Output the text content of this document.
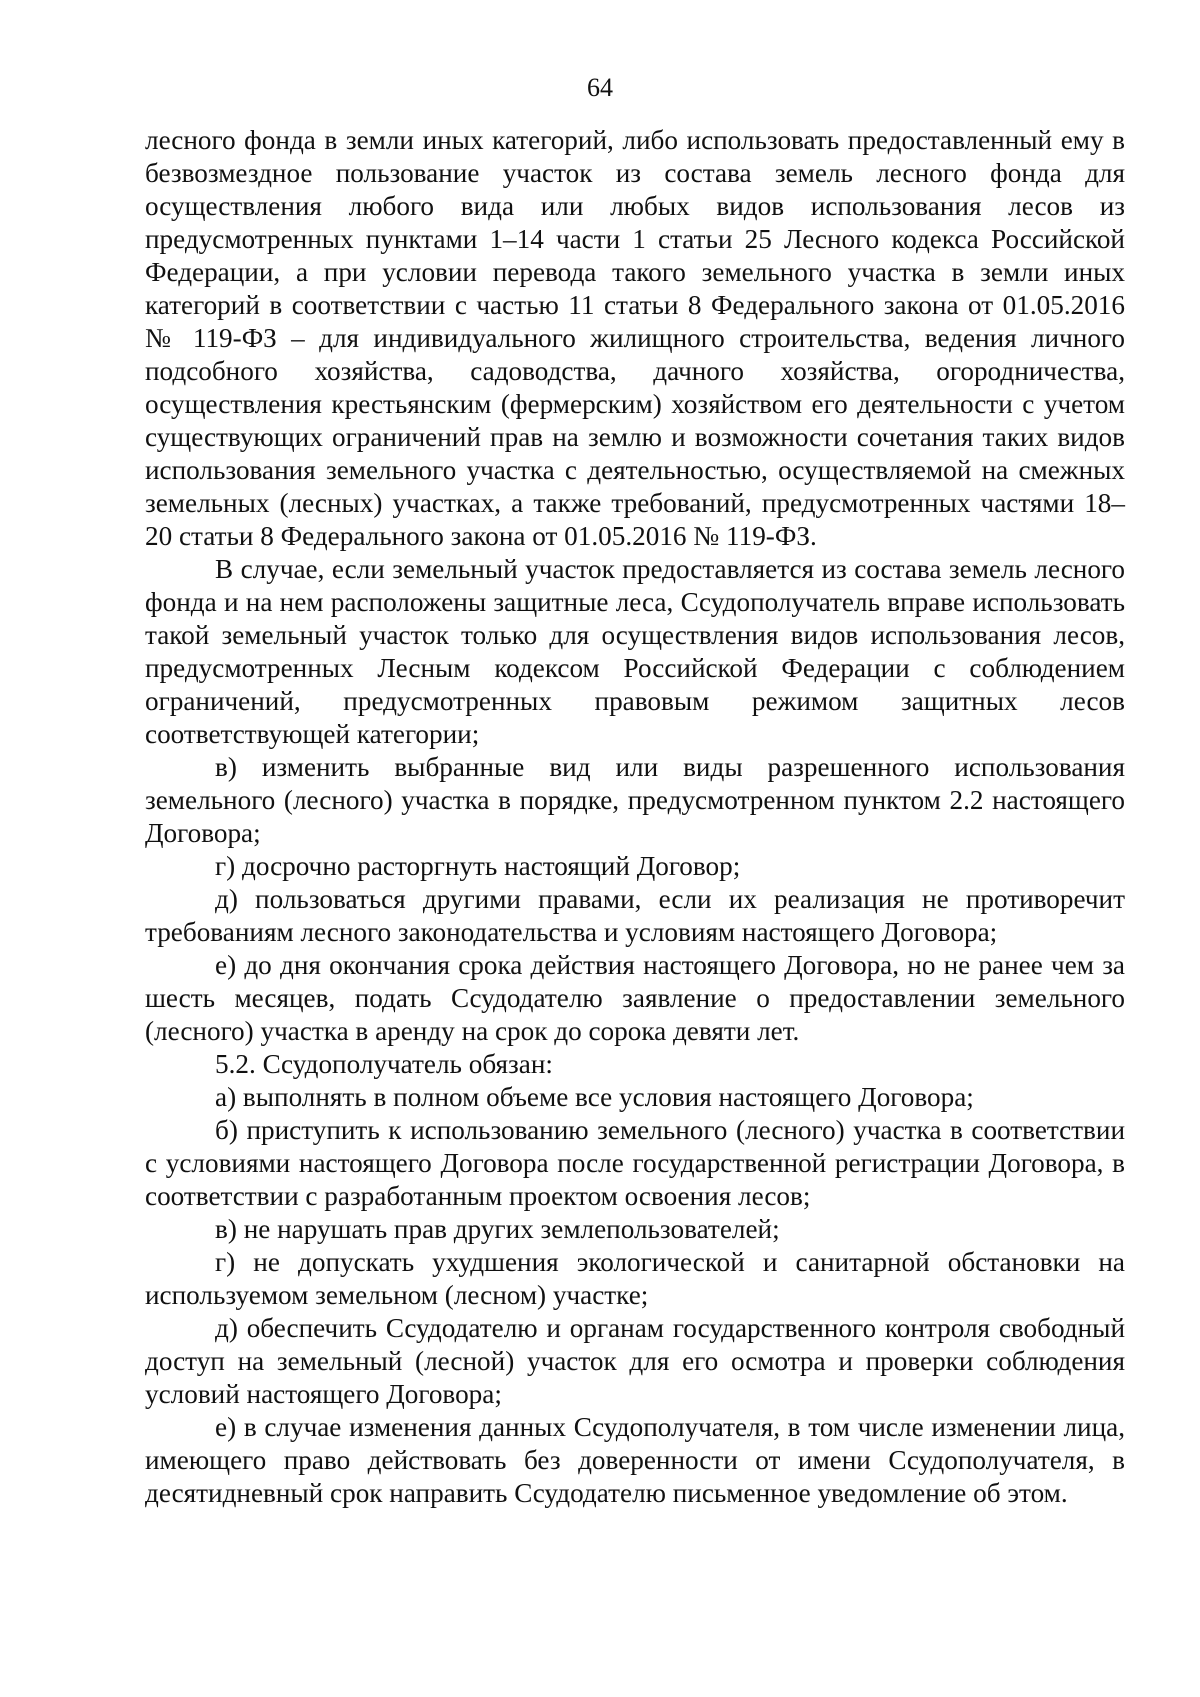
64

лесного фонда в земли иных категорий, либо использовать предоставленный ему в безвозмездное пользование участок из состава земель лесного фонда для осуществления любого вида или любых видов использования лесов из предусмотренных пунктами 1–14 части 1 статьи 25 Лесного кодекса Российской Федерации, а при условии перевода такого земельного участка в земли иных категорий в соответствии с частью 11 статьи 8 Федерального закона от 01.05.2016 № 119-ФЗ – для индивидуального жилищного строительства, ведения личного подсобного хозяйства, садоводства, дачного хозяйства, огородничества, осуществления крестьянским (фермерским) хозяйством его деятельности с учетом существующих ограничений прав на землю и возможности сочетания таких видов использования земельного участка с деятельностью, осуществляемой на смежных земельных (лесных) участках, а также требований, предусмотренных частями 18–20 статьи 8 Федерального закона от 01.05.2016 № 119-ФЗ.

В случае, если земельный участок предоставляется из состава земель лесного фонда и на нем расположены защитные леса, Ссудополучатель вправе использовать такой земельный участок только для осуществления видов использования лесов, предусмотренных Лесным кодексом Российской Федерации с соблюдением ограничений, предусмотренных правовым режимом защитных лесов соответствующей категории;

в) изменить выбранные вид или виды разрешенного использования земельного (лесного) участка в порядке, предусмотренном пунктом 2.2 настоящего Договора;

г) досрочно расторгнуть настоящий Договор;

д) пользоваться другими правами, если их реализация не противоречит требованиям лесного законодательства и условиям настоящего Договора;

е) до дня окончания срока действия настоящего Договора, но не ранее чем за шесть месяцев, подать Ссудодателю заявление о предоставлении земельного (лесного) участка в аренду на срок до сорока девяти лет.

5.2. Ссудополучатель обязан:

а) выполнять в полном объеме все условия настоящего Договора;

б) приступить к использованию земельного (лесного) участка в соответствии с условиями настоящего Договора после государственной регистрации Договора, в соответствии с разработанным проектом освоения лесов;

в) не нарушать прав других землепользователей;

г) не допускать ухудшения экологической и санитарной обстановки на используемом земельном (лесном) участке;

д) обеспечить Ссудодателю и органам государственного контроля свободный доступ на земельный (лесной) участок для его осмотра и проверки соблюдения условий настоящего Договора;

е) в случае изменения данных Ссудополучателя, в том числе изменении лица, имеющего право действовать без доверенности от имени Ссудополучателя, в десятидневный срок направить Ссудодателю письменное уведомление об этом.
